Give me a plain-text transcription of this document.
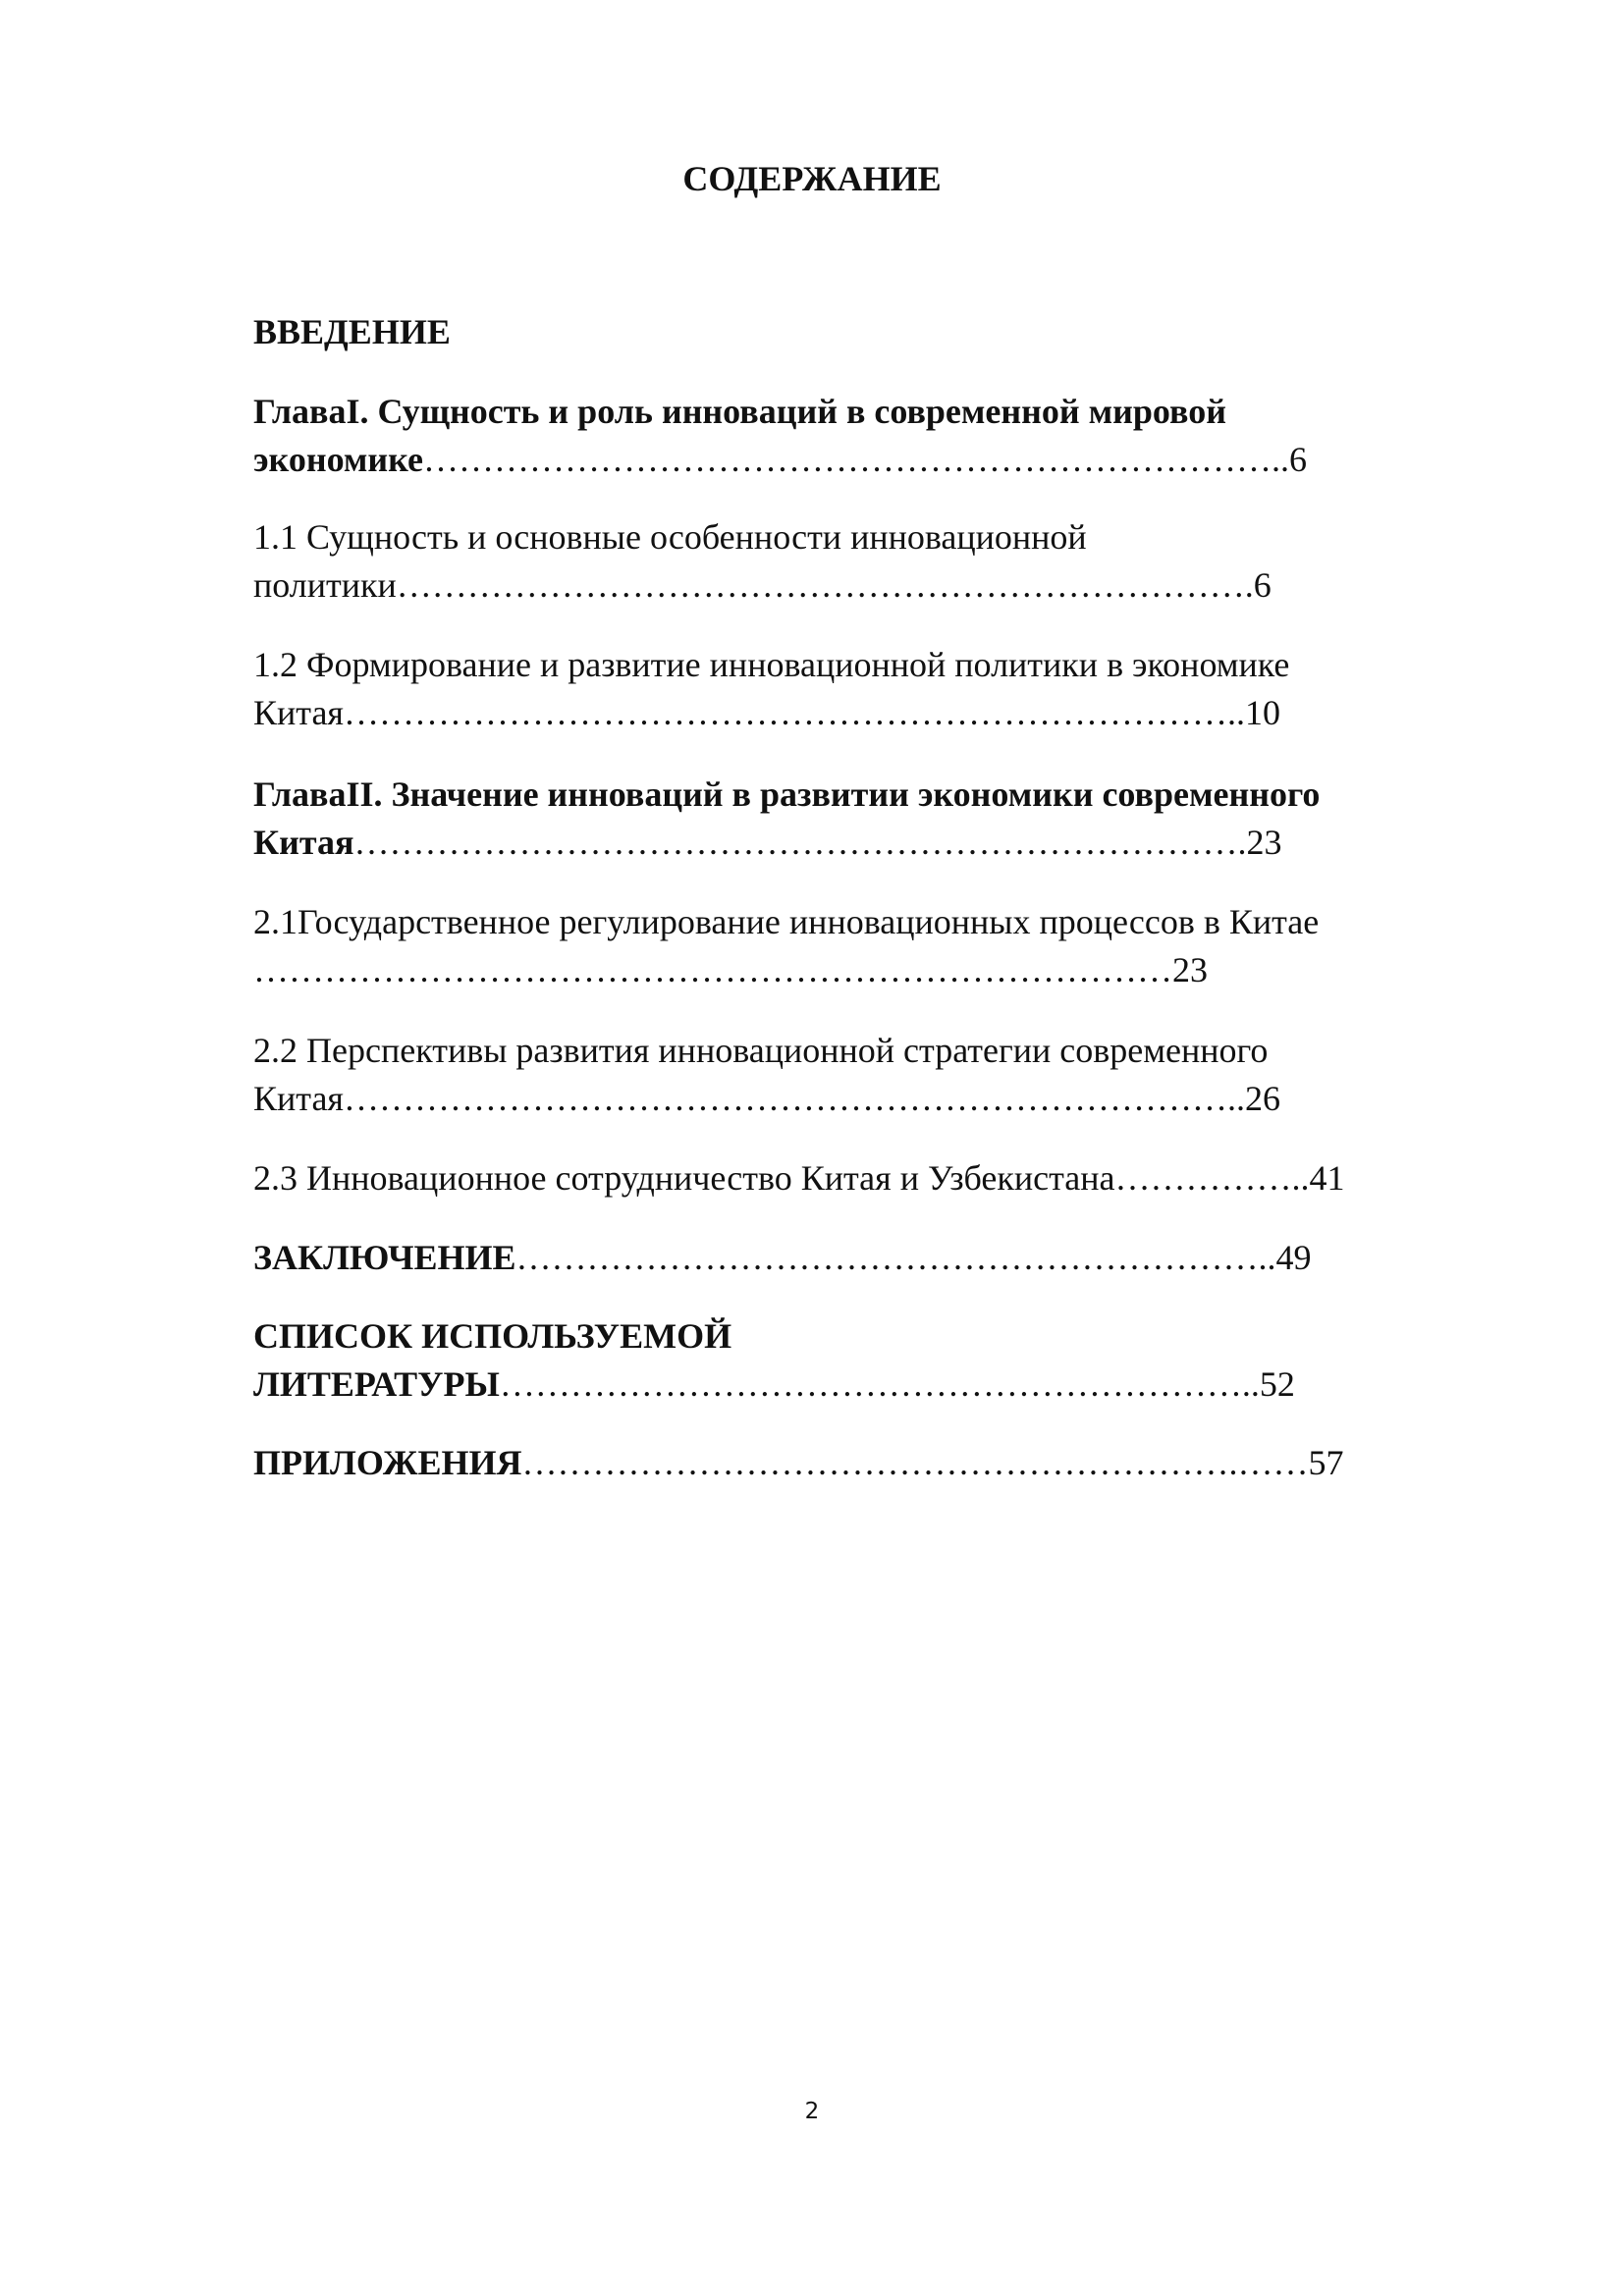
СОДЕРЖАНИЕ
ВВЕДЕНИЕ
ГлаваI. Сущность и роль инноваций в современной мировой
экономике………………………………………………………………..6
1.1 Сущность и основные особенности инновационной
политики……………………………………………………………….6
1.2 Формирование и развитие инновационной политики в экономике
Китая…………………………………………………………………..10
ГлаваII. Значение инноваций в развитии экономики современного
Китая………………………………………………………………….23
2.1Государственное регулирование инновационных процессов в Китае
……………………………………………………………………23
2.2 Перспективы развития инновационной стратегии современного
Китая…………………………………………………………………..26
2.3 Инновационное сотрудничество Китая и Узбекистана……………..41
ЗАКЛЮЧЕНИЕ………………………………………………………..49
СПИСОК ИСПОЛЬЗУЕМОЙ
ЛИТЕРАТУРЫ………………………………………………………..52
ПРИЛОЖЕНИЯ…………………………………………………….……57
2
